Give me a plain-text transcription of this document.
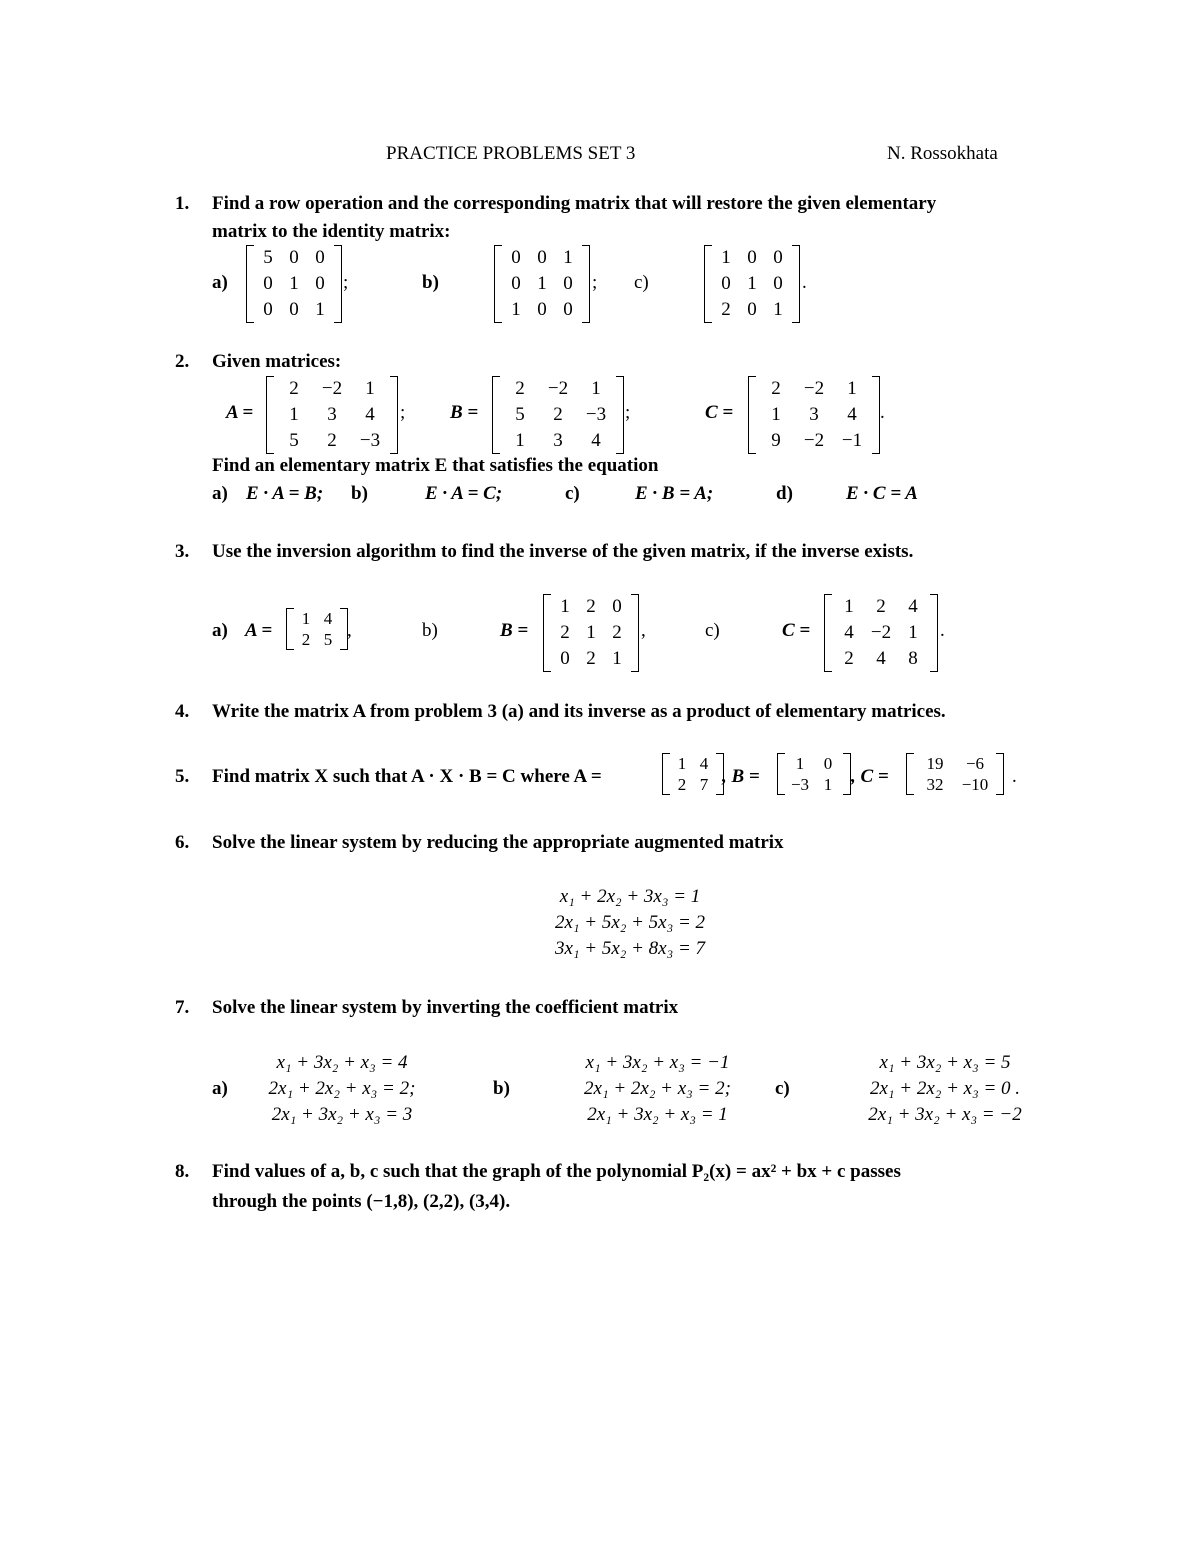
PRACTICE PROBLEMS SET 3	N. Rossokhata
1. Find a row operation and the corresponding matrix that will restore the given elementary
matrix to the identity matrix:
a)
5	0	0
0	1	0
0	0	1
;	b)
0	0	1
0	1	0
1	0	0
; c)
1	0	0
0	1	0
2	0	1
.
2. Given matrices:
A =
2	−2	1
1	3	4
5	2	−3
; B =
2	−2	1
5	2	−3
1	3	4
;	C =
2	−2	1
1	3	4
9	−2	−1
.
Find an elementary matrix E that satisfies the equation
a) E · A = B; b)	E · A = C;	c)	E · B = A;	d)	E · C = A
3. Use the inversion algorithm to find the inverse of the given matrix, if the inverse exists.
a) A =
1	4
2	5 ,	b)	B =
1	2	0
2	1	2
0	2	1
,	c)	C =
1	2	4
4	−2	1
2	4	8
.
4. Write the matrix A from problem 3 (a) and its inverse as a product of elementary matrices.
5. Find matrix X such that A · X · B = C where A =
1	4
2	7 , B =
1	0
−3	1 , C =
19	−6
32	−10 .
6. Solve the linear system by reducing the appropriate augmented matrix
x₁ + 2x₂ + 3x₃ = 1
2x₁ + 5x₂ + 5x₃ = 2
3x₁ + 5x₂ + 8x₃ = 7
7. Solve the linear system by inverting the coefficient matrix
a)
x₁ + 3x₂ + x₃ = 4
2x₁ + 2x₂ + x₃ = 2;
2x₁ + 3x₂ + x₃ = 3
b)
x₁ + 3x₂ + x₃ = −1
2x₁ + 2x₂ + x₃ = 2;
2x₁ + 3x₂ + x₃ = 1
c)
x₁ + 3x₂ + x₃ = 5
2x₁ + 2x₂ + x₃ = 0 .
2x₁ + 3x₂ + x₃ = −2
8. Find values of a, b, c such that the graph of the polynomial P₂(x) = ax² + bx + c passes
through the points (−1,8), (2,2), (3,4).
